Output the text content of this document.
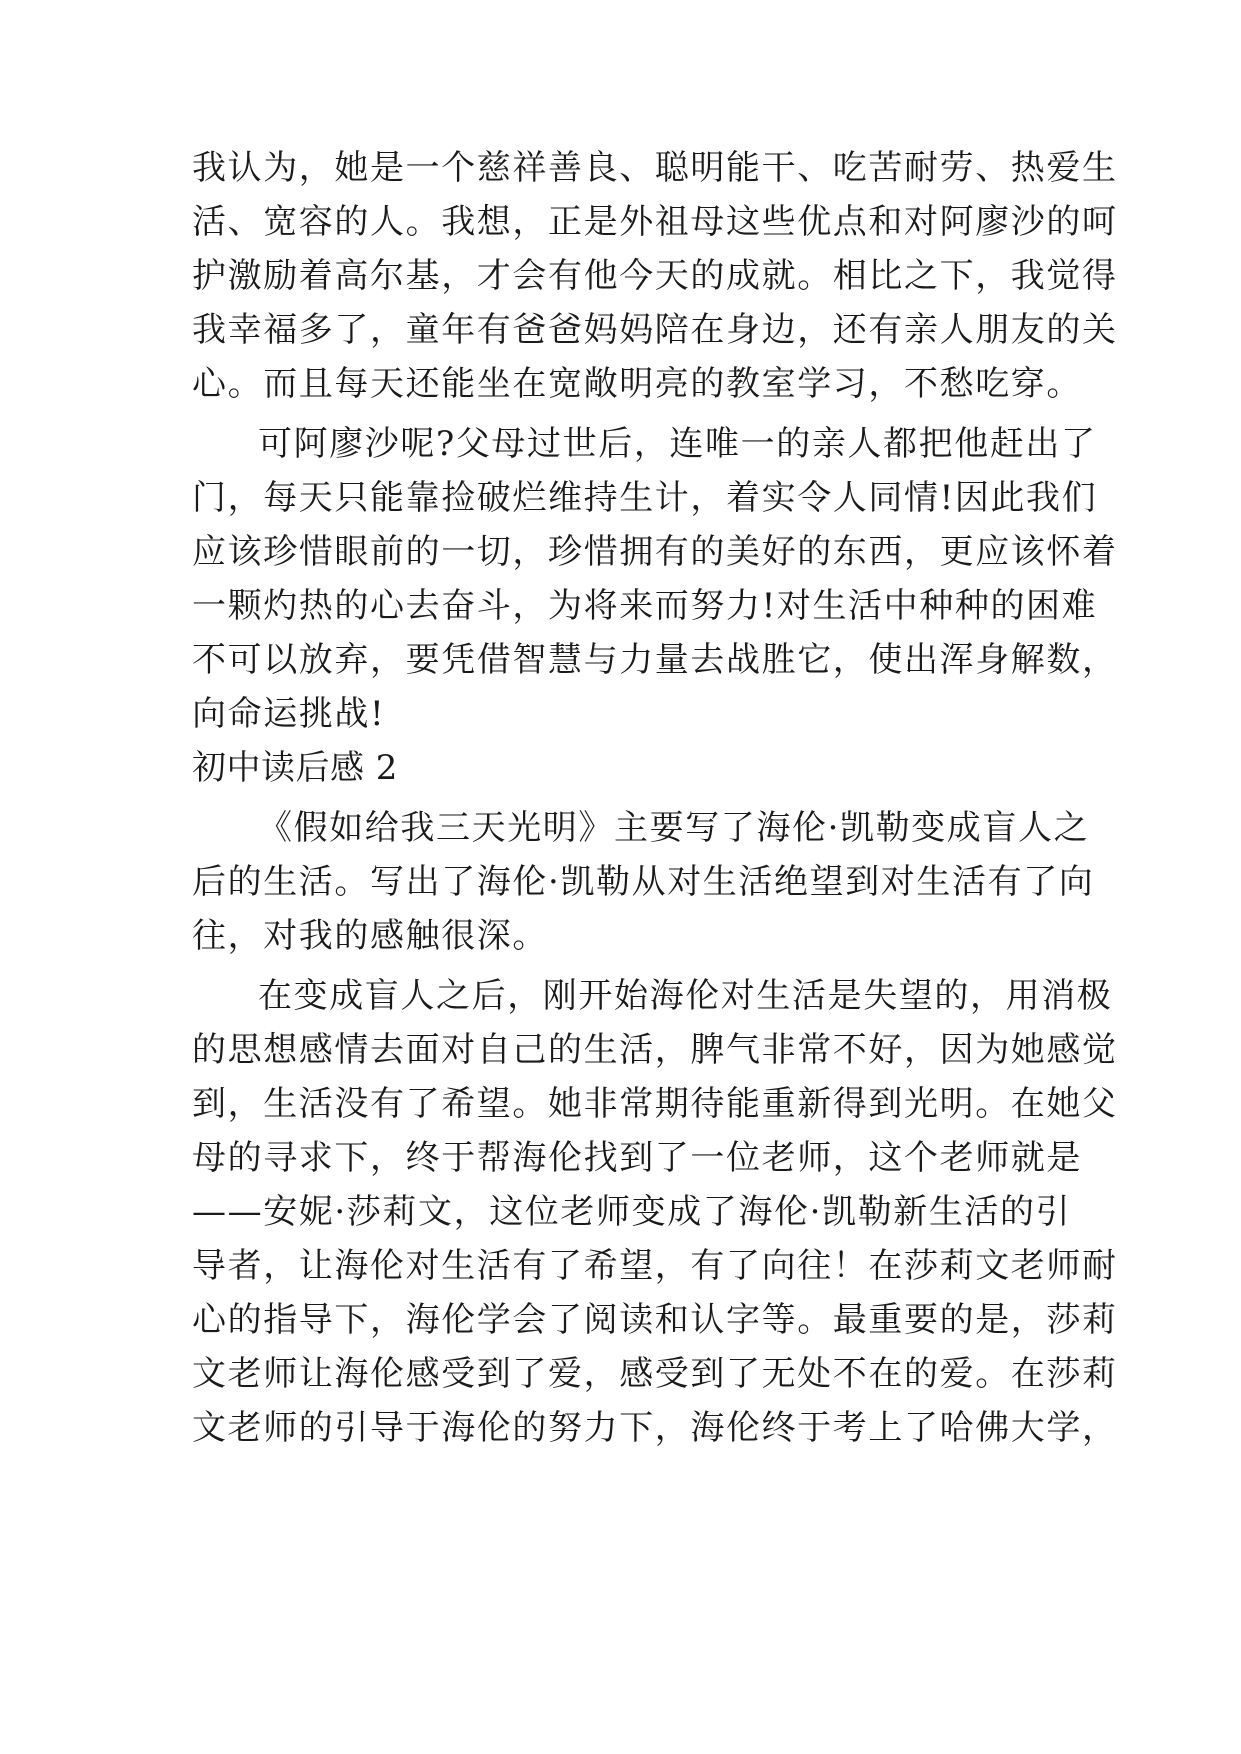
我认为，她是一个慈祥善良、聪明能干、吃苦耐劳、热爱生
活、宽容的人。我想，正是外祖母这些优点和对阿廖沙的呵
护激励着高尔基，才会有他今天的成就。相比之下，我觉得
我幸福多了，童年有爸爸妈妈陪在身边，还有亲人朋友的关
心。而且每天还能坐在宽敞明亮的教室学习，不愁吃穿。
可阿廖沙呢?父母过世后，连唯一的亲人都把他赶出了
门，每天只能靠捡破烂维持生计，着实令人同情!因此我们
应该珍惜眼前的一切，珍惜拥有的美好的东西，更应该怀着
一颗灼热的心去奋斗，为将来而努力!对生活中种种的困难
不可以放弃，要凭借智慧与力量去战胜它，使出浑身解数，
向命运挑战!
初中读后感 2
《假如给我三天光明》主要写了海伦·凯勒变成盲人之
后的生活。写出了海伦·凯勒从对生活绝望到对生活有了向
往，对我的感触很深。
在变成盲人之后，刚开始海伦对生活是失望的，用消极
的思想感情去面对自己的生活，脾气非常不好，因为她感觉
到，生活没有了希望。她非常期待能重新得到光明。在她父
母的寻求下，终于帮海伦找到了一位老师，这个老师就是
——安妮·莎莉文，这位老师变成了海伦·凯勒新生活的引
导者，让海伦对生活有了希望，有了向往！在莎莉文老师耐
心的指导下，海伦学会了阅读和认字等。最重要的是，莎莉
文老师让海伦感受到了爱，感受到了无处不在的爱。在莎莉
文老师的引导于海伦的努力下，海伦终于考上了哈佛大学，
